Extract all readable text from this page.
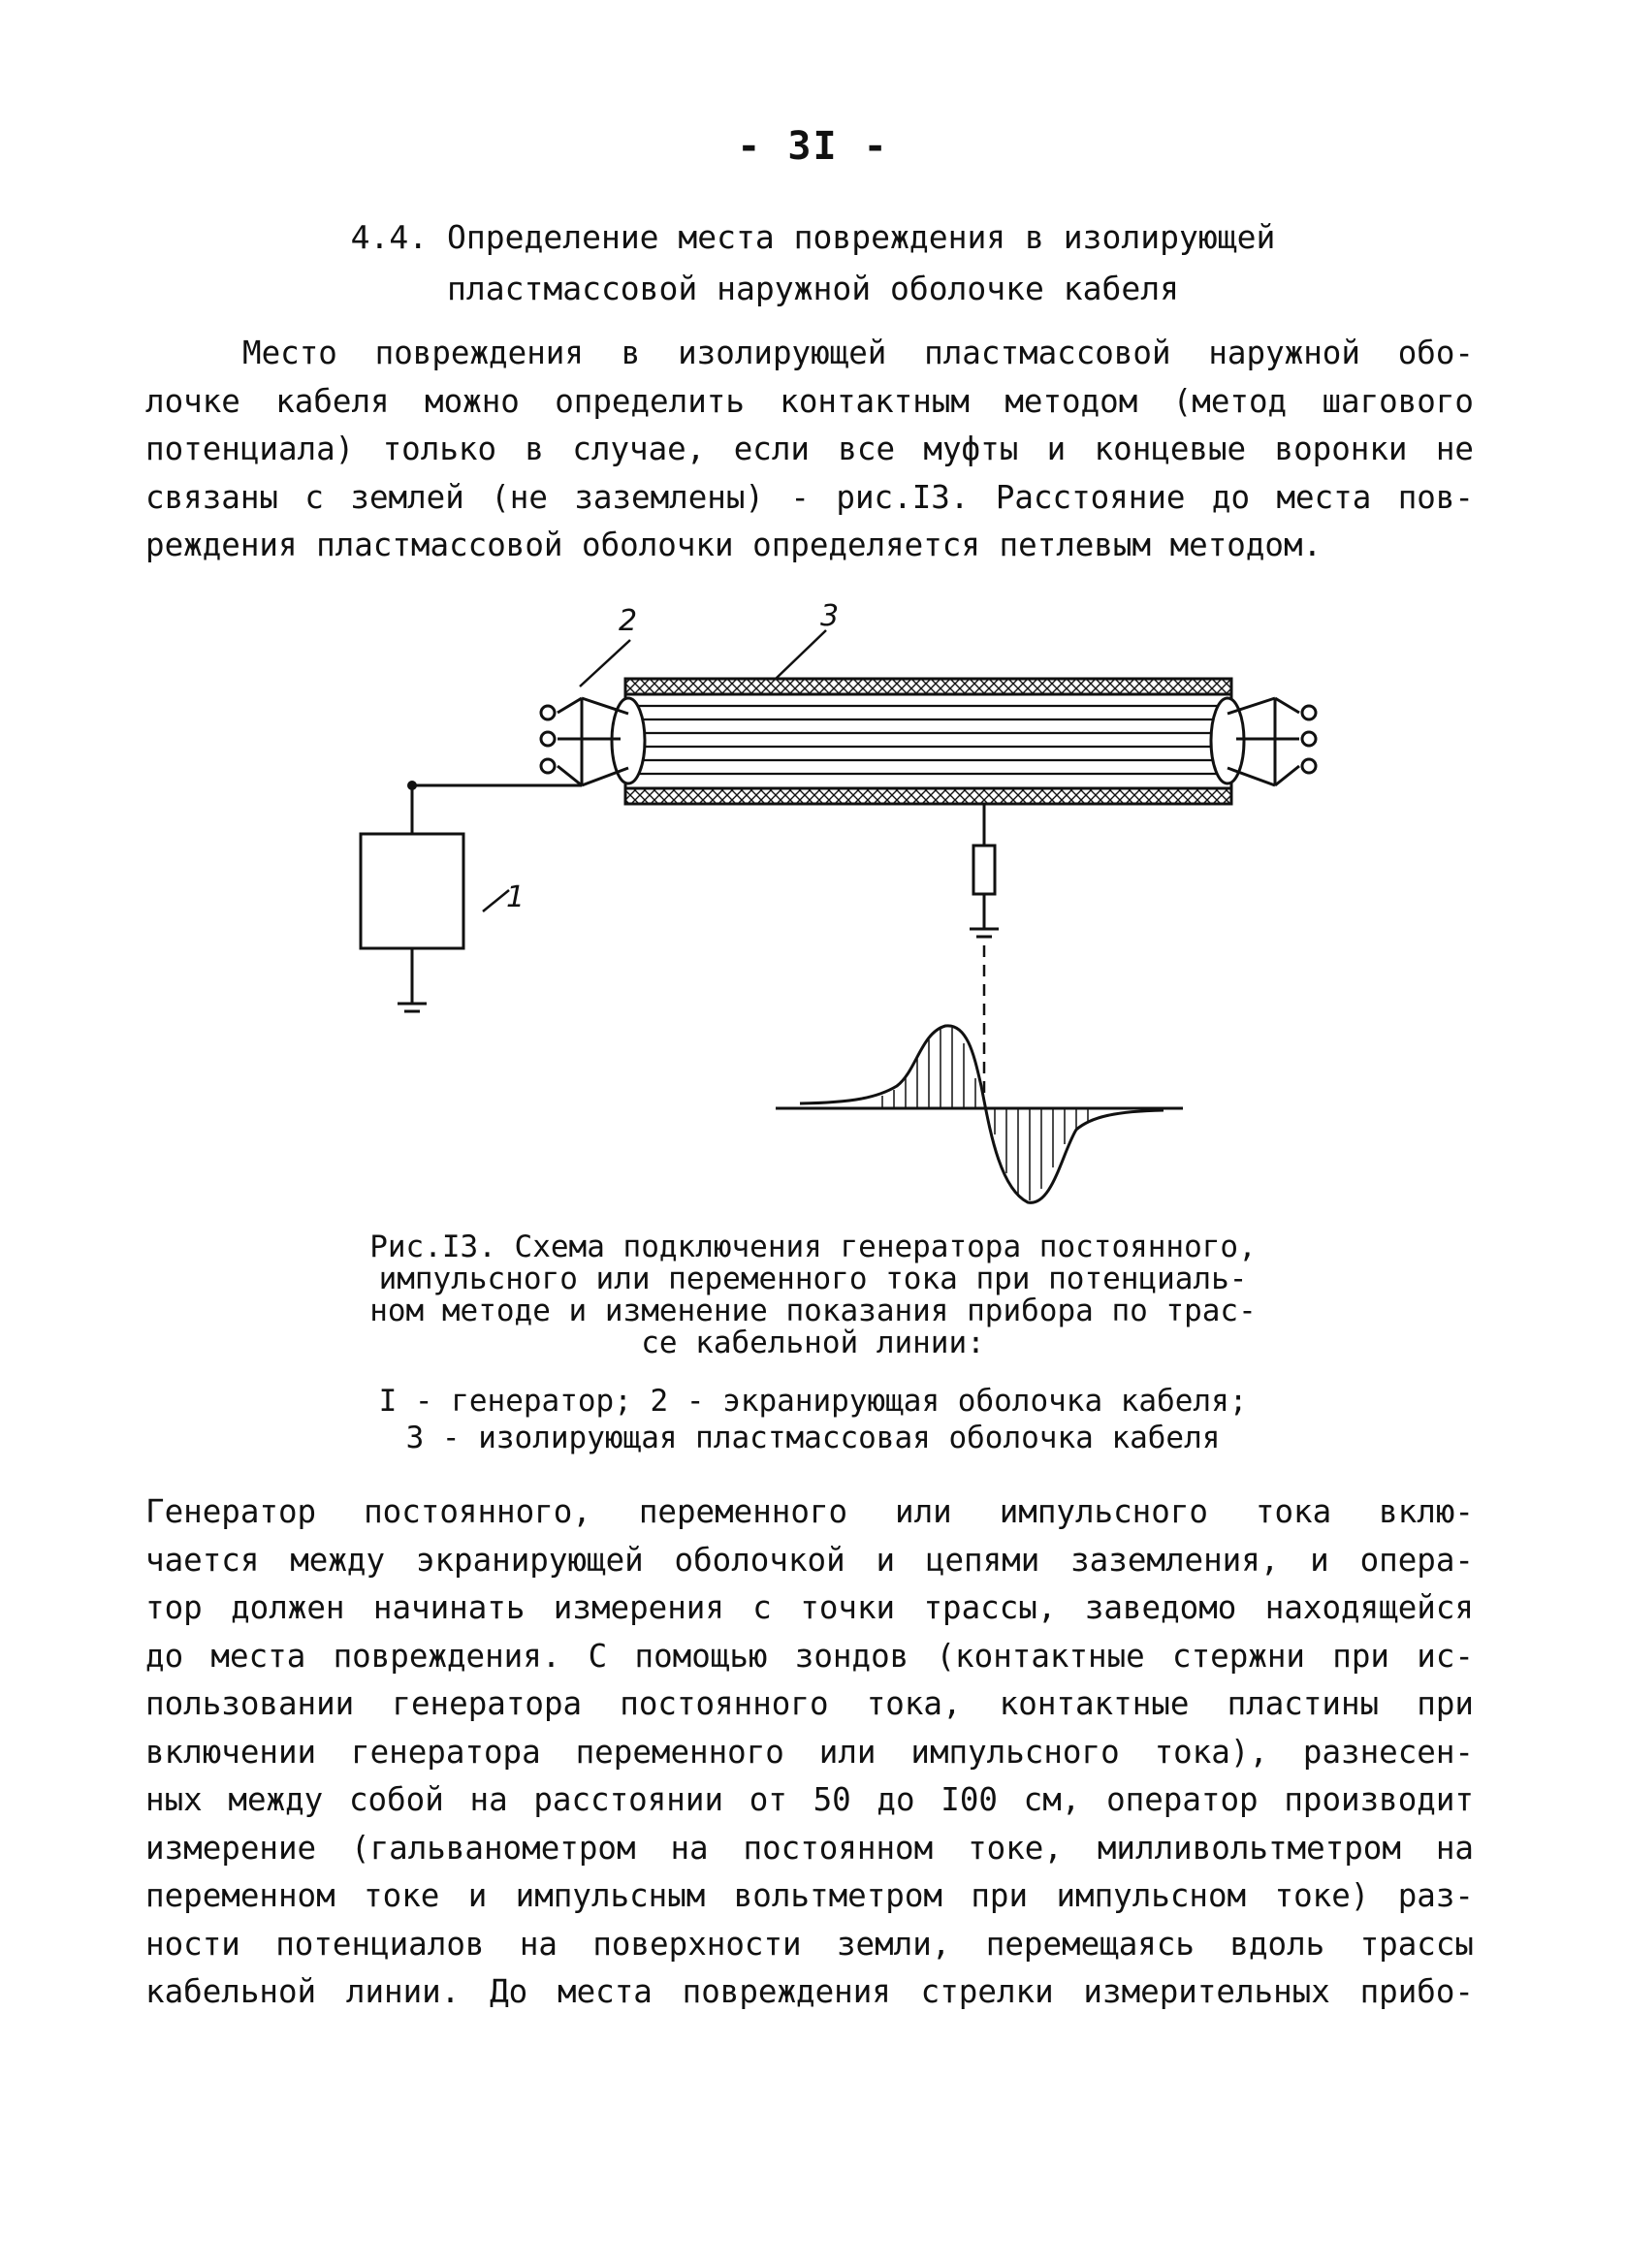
- 3I -
4.4. Определение места повреждения в изолирующей
пластмассовой наружной оболочке кабеля

Место повреждения в изолирующей пластмассовой наружной обо-
лочке кабеля можно определить контактным методом (метод шагового
потенциала) только в случае, если все муфты и концевые воронки не
связаны с землей (не заземлены) - рис.I3. Расстояние до места пов-
реждения пластмассовой оболочки определяется петлевым методом.

2	3
1
Рис.I3. Схема подключения генератора постоянного,
импульсного или переменного тока при потенциаль-
ном методе и изменение показания прибора по трас-
се кабельной линии:
I - генератор; 2 - экранирующая оболочка кабеля;
3 - изолирующая пластмассовая оболочка кабеля

Генератор постоянного, переменного или импульсного тока вклю-
чается между экранирующей оболочкой и цепями заземления, и опера-
тор должен начинать измерения с точки трассы, заведомо находящейся
до места повреждения. С помощью зондов (контактные стержни при ис-
пользовании генератора постоянного тока, контактные пластины при
включении генератора переменного или импульсного тока), разнесен-
ных между собой на расстоянии от 50 до I00 см, оператор производит
измерение (гальванометром на постоянном токе, милливольтметром на
переменном токе и импульсным вольтметром при импульсном токе) раз-
ности потенциалов на поверхности земли, перемещаясь вдоль трассы
кабельной линии. До места повреждения стрелки измерительных прибо-
